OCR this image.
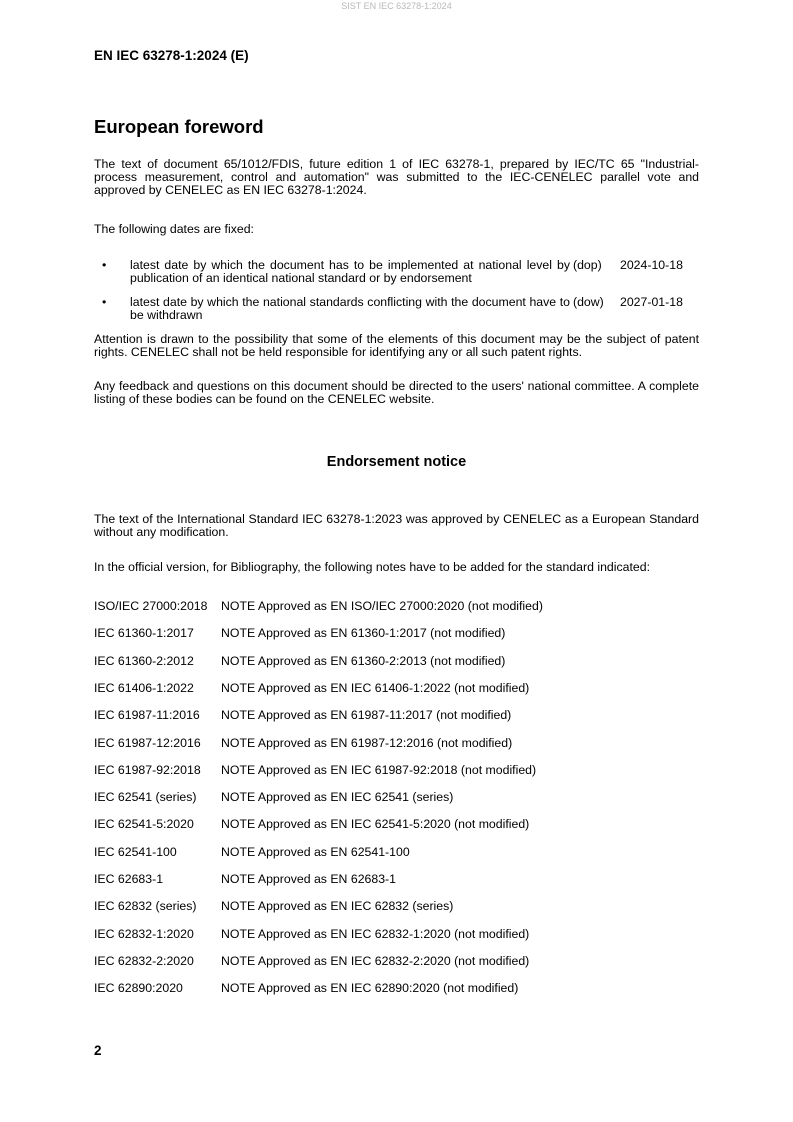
SIST EN IEC 63278-1:2024
EN IEC 63278-1:2024 (E)
European foreword
The text of document 65/1012/FDIS, future edition 1 of IEC 63278-1, prepared by IEC/TC 65 "Industrial-process measurement, control and automation" was submitted to the IEC-CENELEC parallel vote and approved by CENELEC as EN IEC 63278-1:2024.
The following dates are fixed:
• latest date by which the document has to be implemented at national level by publication of an identical national standard or by endorsement
(dop)	2024-10-18
• latest date by which the national standards conflicting with the document have to be withdrawn
(dow)	2027-01-18
Attention is drawn to the possibility that some of the elements of this document may be the subject of patent rights. CENELEC shall not be held responsible for identifying any or all such patent rights.
Any feedback and questions on this document should be directed to the users' national committee. A complete listing of these bodies can be found on the CENELEC website.
Endorsement notice
The text of the International Standard IEC 63278-1:2023 was approved by CENELEC as a European Standard without any modification.
In the official version, for Bibliography, the following notes have to be added for the standard indicated:
ISO/IEC 27000:2018 NOTE Approved as EN ISO/IEC 27000:2020 (not modified)
IEC 61360-1:2017 NOTE Approved as EN 61360-1:2017 (not modified)
IEC 61360-2:2012 NOTE Approved as EN 61360-2:2013 (not modified)
IEC 61406-1:2022 NOTE Approved as EN IEC 61406-1:2022 (not modified)
IEC 61987-11:2016 NOTE Approved as EN 61987-11:2017 (not modified)
IEC 61987-12:2016 NOTE Approved as EN 61987-12:2016 (not modified)
IEC 61987-92:2018 NOTE Approved as EN IEC 61987-92:2018 (not modified)
IEC 62541 (series) NOTE Approved as EN IEC 62541 (series)
IEC 62541-5:2020 NOTE Approved as EN IEC 62541-5:2020 (not modified)
IEC 62541-100	NOTE Approved as EN 62541-100
IEC 62683-1	NOTE Approved as EN 62683-1
IEC 62832 (series) NOTE Approved as EN IEC 62832 (series)
IEC 62832-1:2020 NOTE Approved as EN IEC 62832-1:2020 (not modified)
IEC 62832-2:2020 NOTE Approved as EN IEC 62832-2:2020 (not modified)
IEC 62890:2020	NOTE Approved as EN IEC 62890:2020 (not modified)
2
